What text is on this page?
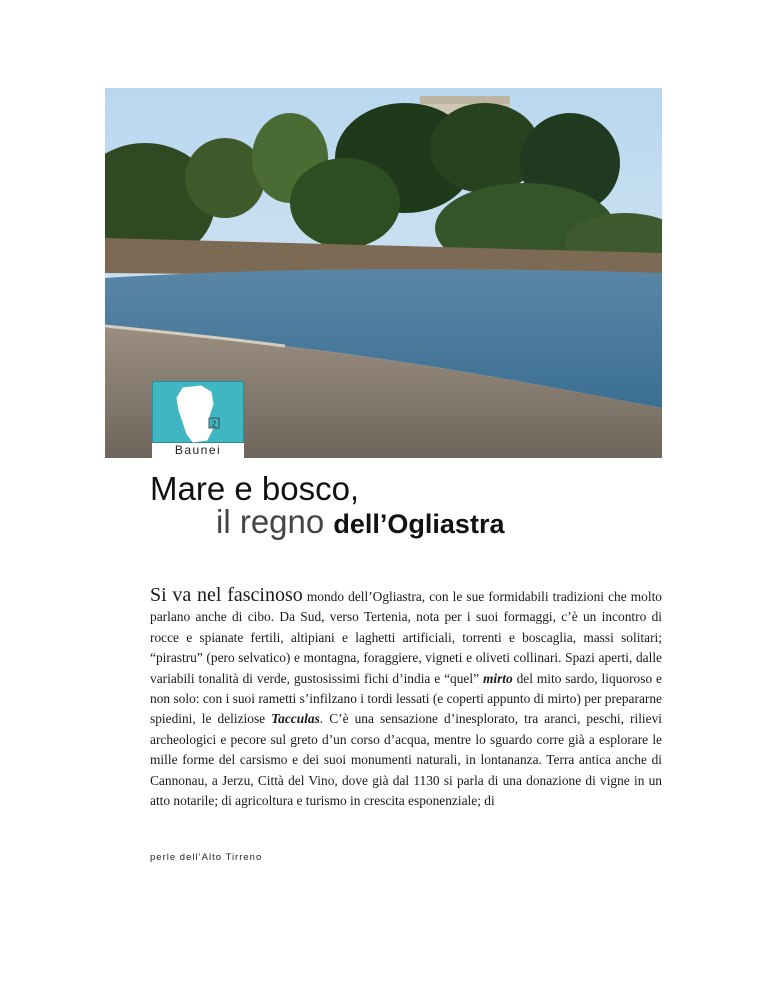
2
Baunei
Mare e bosco,
il regno dell’Ogliastra

Si va nel fascinoso mondo dell’Ogliastra, con le sue formidabili tradizioni che molto parlano anche di cibo. Da Sud, verso Tertenia, nota per i suoi formaggi, c’è un incontro di rocce e spianate fertili, altipiani e laghetti artificiali, torrenti e boscaglia, massi solitari; “pirastru” (pero selvatico) e montagna, foraggiere, vigneti e oliveti collinari. Spazi aperti, dalle variabili tonalità di verde, gustosissimi fichi d’india e “quel” mirto del mito sardo, liquoroso e non solo: con i suoi rametti s’infilzano i tordi lessati (e coperti appunto di mirto) per prepararne spiedini, le deliziose Tacculas. C’è una sensazione d’inesplorato, tra aranci, peschi, rilievi archeologici e pecore sul greto d’un corso d’acqua, mentre lo sguardo corre già a esplorare le mille forme del carsismo e dei suoi monumenti naturali, in lontananza. Terra antica anche di Cannonau, a Jerzu, Città del Vino, dove già dal 1130 si parla di una donazione di vigne in un atto notarile; di agricoltura e turismo in crescita esponenziale; di

perle dell’Alto Tirreno
